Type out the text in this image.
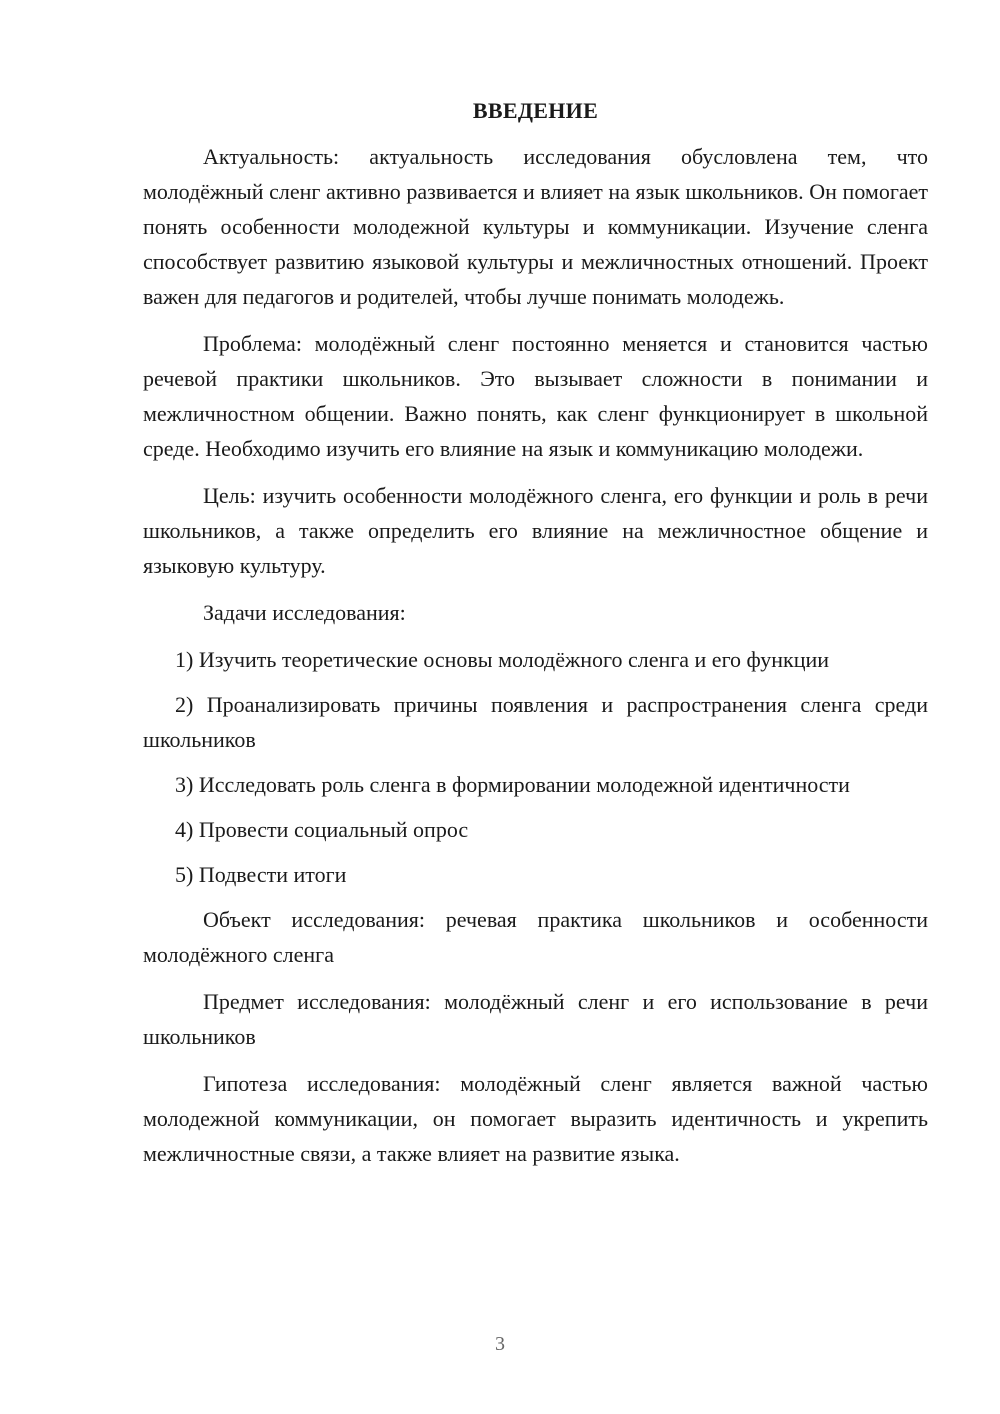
ВВЕДЕНИЕ

Актуальность: актуальность исследования обусловлена тем, что молодёжный сленг активно развивается и влияет на язык школьников. Он помогает понять особенности молодежной культуры и коммуникации. Изучение сленга способствует развитию языковой культуры и межличностных отношений. Проект важен для педагогов и родителей, чтобы лучше понимать молодежь.

Проблема: молодёжный сленг постоянно меняется и становится частью речевой практики школьников. Это вызывает сложности в понимании и межличностном общении. Важно понять, как сленг функционирует в школьной среде. Необходимо изучить его влияние на язык и коммуникацию молодежи.

Цель: изучить особенности молодёжного сленга, его функции и роль в речи школьников, а также определить его влияние на межличностное общение и языковую культуру.

Задачи исследования:

1) Изучить теоретические основы молодёжного сленга и его функции

2) Проанализировать причины появления и распространения сленга среди школьников

3) Исследовать роль сленга в формировании молодежной идентичности

4) Провести социальный опрос

5) Подвести итоги

Объект исследования: речевая практика школьников и особенности молодёжного сленга

Предмет исследования: молодёжный сленг и его использование в речи школьников

Гипотеза исследования: молодёжный сленг является важной частью молодежной коммуникации, он помогает выразить идентичность и укрепить межличностные связи, а также влияет на развитие языка.

3
